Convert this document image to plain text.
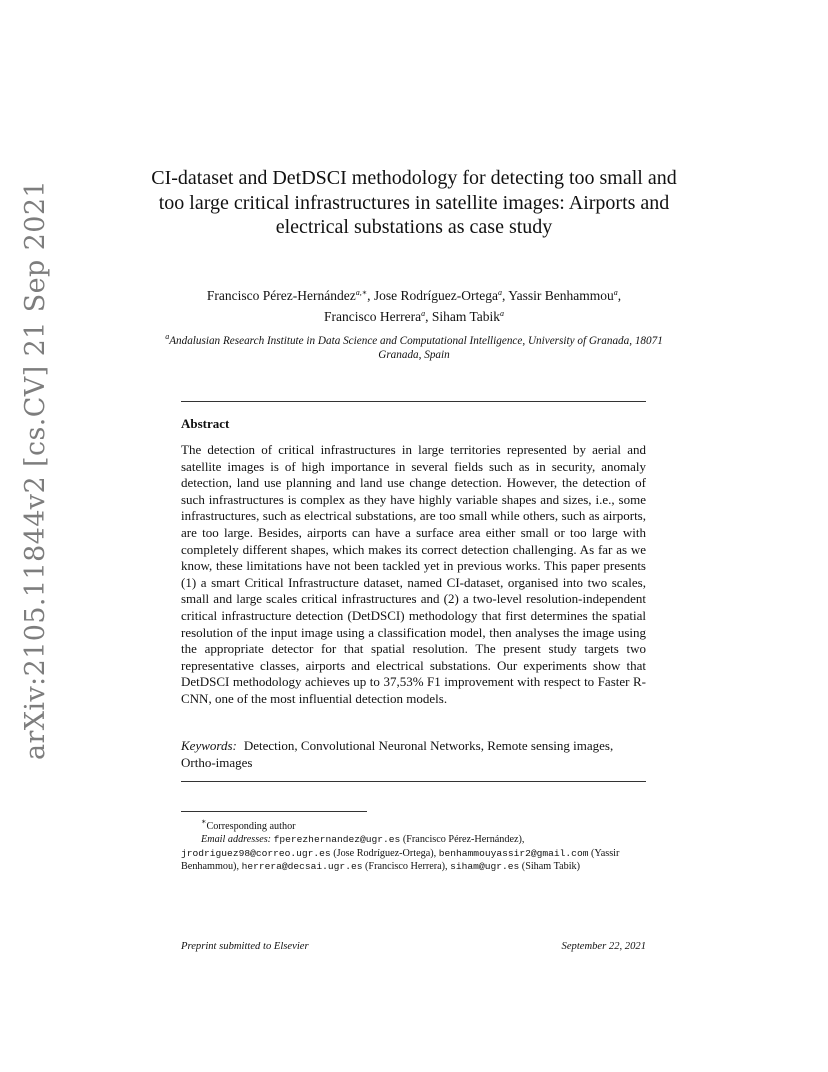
arXiv:2105.11844v2 [cs.CV] 21 Sep 2021
CI-dataset and DetDSCI methodology for detecting too small and too large critical infrastructures in satellite images: Airports and electrical substations as case study
Francisco Pérez-Hernández$^{a,∗}$, Jose Rodríguez-Ortega$^a$, Yassir Benhammou$^a$,
Francisco Herrera$^a$, Siham Tabik$^a$
$^a$Andalusian Research Institute in Data Science and Computational Intelligence, University of Granada, 18071 Granada, Spain
Abstract
The detection of critical infrastructures in large territories represented by aerial and satellite images is of high importance in several fields such as in security, anomaly detection, land use planning and land use change detection. However, the detection of such infrastructures is complex as they have highly variable shapes and sizes, i.e., some infrastructures, such as electrical substations, are too small while others, such as airports, are too large. Besides, airports can have a surface area either small or too large with completely different shapes, which makes its correct detection challenging. As far as we know, these limitations have not been tackled yet in previous works. This paper presents (1) a smart Critical Infrastructure dataset, named CI-dataset, organised into two scales, small and large scales critical infrastructures and (2) a two-level resolution-independent critical infrastructure detection (DetDSCI) methodology that first determines the spatial resolution of the input image using a classification model, then analyses the image using the appropriate detector for that spatial resolution. The present study targets two representative classes, airports and electrical substations. Our experiments show that DetDSCI methodology achieves up to 37,53% F1 improvement with respect to Faster R-CNN, one of the most influential detection models.
Keywords: Detection, Convolutional Neuronal Networks, Remote sensing images, Ortho-images
∗Corresponding author
Email addresses: fperezhernandez@ugr.es (Francisco Pérez-Hernández), jrodriguez98@correo.ugr.es (Jose Rodríguez-Ortega), benhammouyassir2@gmail.com (Yassir Benhammou), herrera@decsai.ugr.es (Francisco Herrera), siham@ugr.es (Siham Tabik)
Preprint submitted to Elsevier	September 22, 2021
